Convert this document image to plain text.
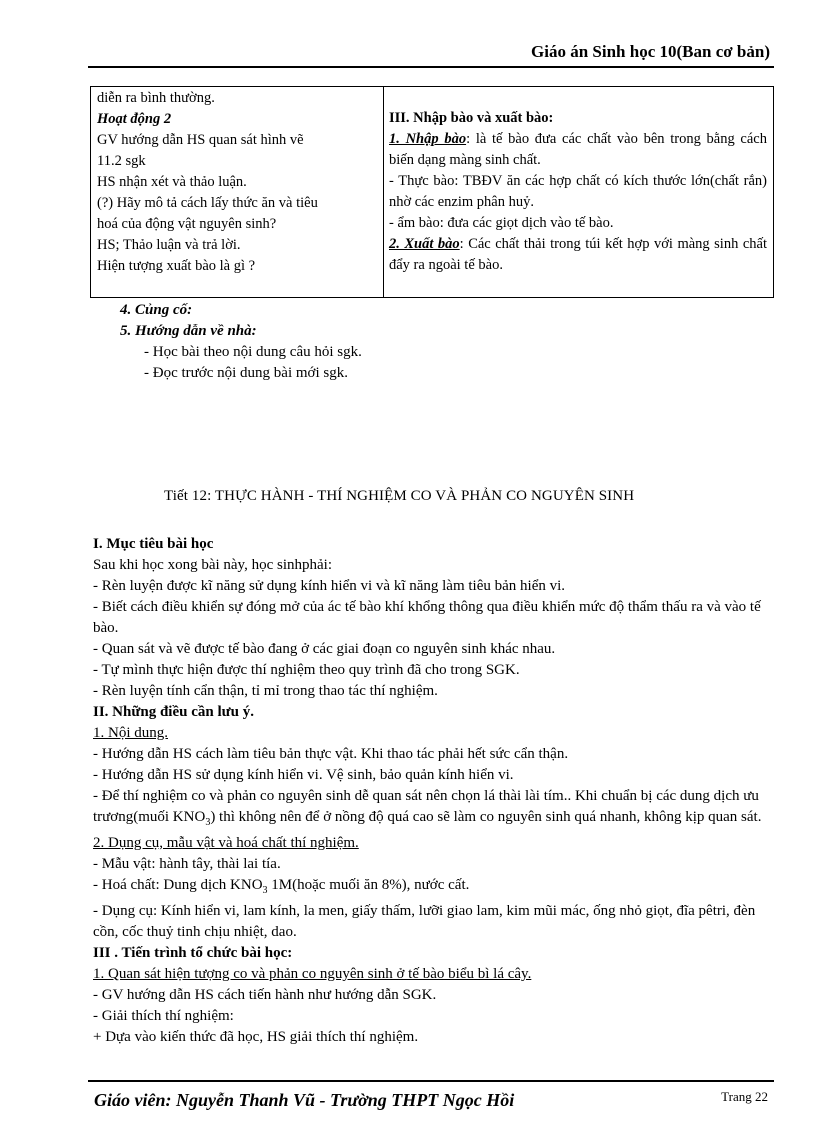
Giáo án Sinh học 10(Ban cơ bản)
diễn ra bình thường.
Hoạt động 2
GV hướng dẫn HS quan sát hình vẽ
11.2 sgk
HS nhận xét và thảo luận.
(?) Hãy mô tả cách lấy thức ăn và tiêu
hoá của động vật nguyên sinh?
HS; Thảo luận và trả lời.
Hiện tượng xuất bào là gì ?
III. Nhập bào và xuất bào:
1. Nhập bào: là tế bào đưa các chất vào bên trong bằng cách biến dạng màng sinh chất.
- Thực bào: TBĐV ăn các hợp chất có kích thước lớn(chất rắn) nhờ các enzim phân huỷ.
- ẩm bào: đưa các giọt dịch vào tế bào.
2. Xuất bào: Các chất thải trong túi kết hợp với màng sinh chất đẩy ra ngoài tế bào.
4. Củng cố:
5. Hướng dẫn về nhà:
- Học bài theo nội dung câu hỏi sgk.
- Đọc trước nội dung bài mới sgk.
Tiết 12: THỰC HÀNH - THÍ NGHIỆM CO VÀ PHẢN CO NGUYÊN SINH
I. Mục tiêu bài học
Sau khi học xong bài này, học sinhphải:
- Rèn luyện được kĩ năng sử dụng kính hiển vi và kĩ năng làm tiêu bản hiển vi.
- Biết cách điều khiển sự đóng mở của ác tế bào khí khổng thông qua điều khiển mức độ thẩm thấu ra và vào tế bào.
- Quan sát và vẽ được tế bào đang ở các giai đoạn co nguyên sinh khác nhau.
- Tự mình thực hiện được thí nghiệm theo quy trình đã cho trong SGK.
- Rèn luyện tính cẩn thận, tỉ mỉ trong thao tác thí nghiệm.
II. Những điều cần lưu ý.
1. Nội dung.
- Hướng dẫn HS cách làm tiêu bản thực vật. Khi thao tác phải hết sức cẩn thận.
- Hướng dẫn HS sử dụng kính hiển vi. Vệ sinh, bảo quản kính hiển vi.
- Để thí nghiệm co và phản co nguyên sinh dễ quan sát nên chọn lá thài lài tím.. Khi chuẩn bị các dung dịch ưu trương(muối $KNO_3$) thì không nên để ở nồng độ quá cao sẽ làm co nguyên sinh quá nhanh, không kịp quan sát.
2. Dụng cụ, mẫu vật và hoá chất thí nghiệm.
- Mẫu vật: hành tây, thài lai tía.
- Hoá chất: Dung dịch $KNO_3$ 1M(hoặc muối ăn 8%), nước cất.
- Dụng cụ: Kính hiển vi, lam kính, la men, giấy thấm, lưỡi giao lam, kim mũi mác, ống nhỏ giọt, đĩa pêtri, đèn cồn, cốc thuỷ tinh chịu nhiệt, dao.
III . Tiến trình tổ chức bài học:
1. Quan sát hiện tượng co và phản co nguyên sinh ở tế bào biểu bì lá cây.
- GV hướng dẫn HS cách tiến hành như hướng dẫn SGK.
- Giải thích thí nghiệm:
+ Dựa vào kiến thức đã học, HS giải thích thí nghiệm.
Giáo viên: Nguyễn Thanh Vũ - Trường THPT Ngọc Hồi	Trang 22
